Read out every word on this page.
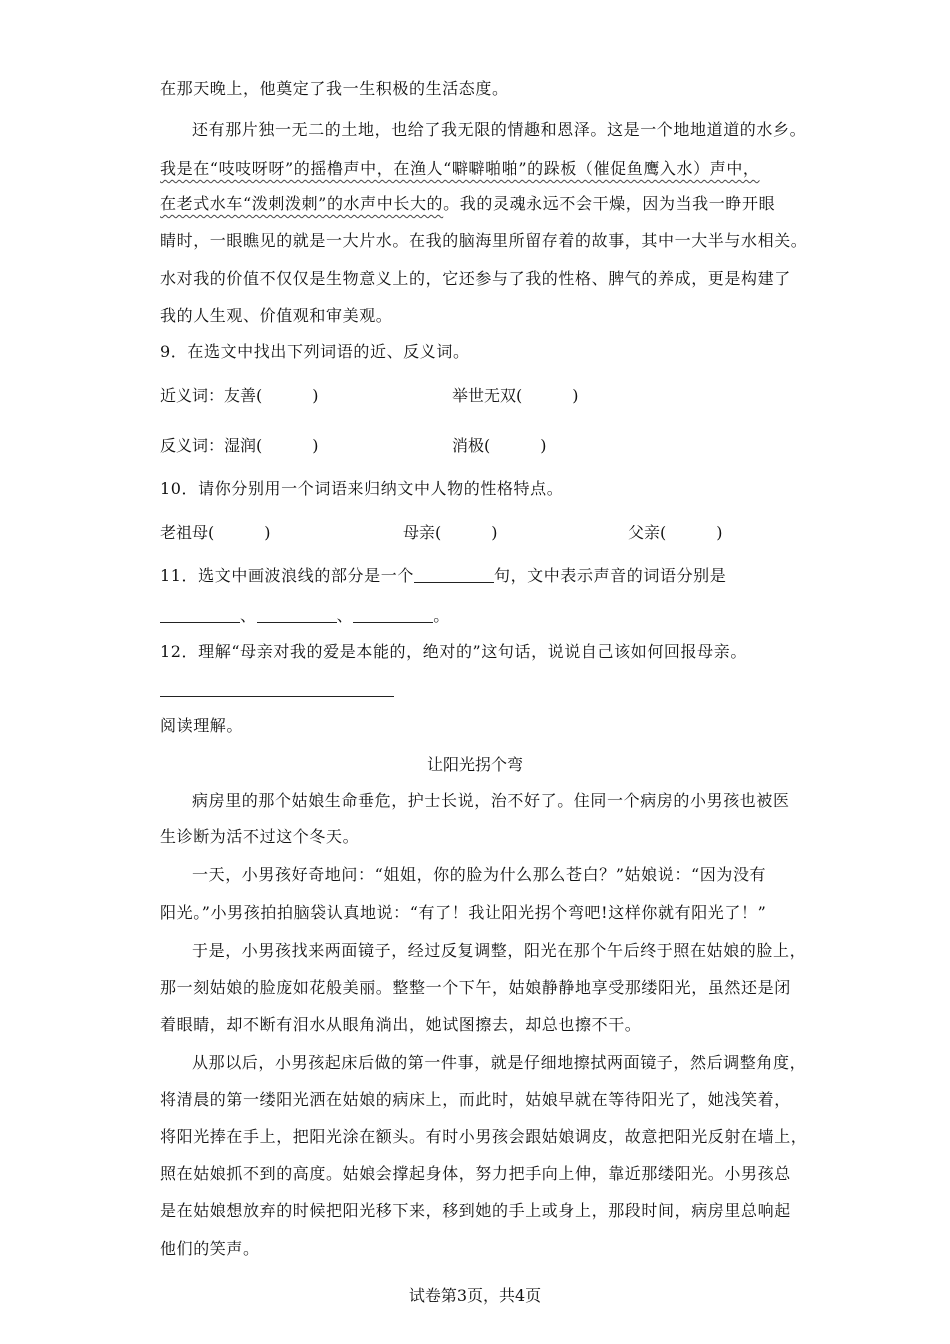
在那天晚上，他奠定了我一生积极的生活态度。
还有那片独一无二的土地，也给了我无限的情趣和恩泽。这是一个地地道道的水乡。
我是在“吱吱呀呀”的摇橹声中，在渔人“噼噼啪啪”的跺板（催促鱼鹰入水）声中，
在老式水车“泼刺泼刺”的水声中长大的。我的灵魂永远不会干燥，因为当我一睁开眼
睛时，一眼瞧见的就是一大片水。在我的脑海里所留存着的故事，其中一大半与水相关。
水对我的价值不仅仅是生物意义上的，它还参与了我的性格、脾气的养成，更是构建了
我的人生观、价值观和审美观。
9．在选文中找出下列词语的近、反义词。
近义词：友善(	)	举世无双(	)
反义词：湿润(	)	消极(	)
10．请你分别用一个词语来归纳文中人物的性格特点。
老祖母(	)	母亲(	)	父亲(	)
11．选文中画波浪线的部分是一个	句，文中表示声音的词语分别是
、	、	。
12．理解“母亲对我的爱是本能的，绝对的”这句话，说说自己该如何回报母亲。
阅读理解。
让阳光拐个弯
病房里的那个姑娘生命垂危，护士长说，治不好了。住同一个病房的小男孩也被医
生诊断为活不过这个冬天。
一天，小男孩好奇地问：“姐姐，你的脸为什么那么苍白？”姑娘说：“因为没有
阳光。”小男孩拍拍脑袋认真地说：“有了！我让阳光拐个弯吧!这样你就有阳光了！”
于是，小男孩找来两面镜子，经过反复调整，阳光在那个午后终于照在姑娘的脸上，
那一刻姑娘的脸庞如花般美丽。整整一个下午，姑娘静静地享受那缕阳光，虽然还是闭
着眼睛，却不断有泪水从眼角淌出，她试图擦去，却总也擦不干。
从那以后，小男孩起床后做的第一件事，就是仔细地擦拭两面镜子，然后调整角度，
将清晨的第一缕阳光洒在姑娘的病床上，而此时，姑娘早就在等待阳光了，她浅笑着，
将阳光捧在手上，把阳光涂在额头。有时小男孩会跟姑娘调皮，故意把阳光反射在墙上，
照在姑娘抓不到的高度。姑娘会撑起身体，努力把手向上伸，靠近那缕阳光。小男孩总
是在姑娘想放弃的时候把阳光移下来，移到她的手上或身上，那段时间，病房里总响起
他们的笑声。
试卷第3页，共4页
